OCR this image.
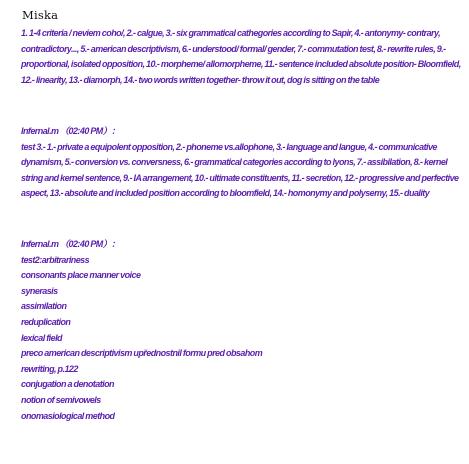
Miska

1. 1-4 criteria / neviem coho/, 2.- calgue, 3.- six grammatical cathegories according to Sapir, 4.- antonymy- contrary, contradictory..., 5.- american descriptivism, 6.- understood/ formal/ gender, 7.- commutation test, 8.- rewrite rules, 9.- proportional, isolated opposition, 10.- morpheme/ allomorpheme, 11.- sentence included absolute position- Bloomfield, 12.- linearity, 13.- diamorph, 14.- two words written together- throw it out, dog is sitting on the table

Infernal.m （02:40 PM）：

test 3.- 1.- private a equipolent opposition, 2.- phoneme vs.allophone, 3.- language and langue, 4.- communicative dynamism, 5.- conversion vs. conversness, 6.- grammatical categories according to lyons, 7.- assibilation, 8.- kernel string and kernel sentence, 9.- IA arrangement, 10.- ultimate constituents, 11.- secretion, 12.- progressive and perfective aspect, 13.- absolute and included position according to bloomfield, 14.- homonymy and polysemy, 15.- duality

Infernal.m （02:40 PM）：

test2:arbitrariness
consonants place manner voice
synerasis
assimilation
reduplication
lexical field
preco american descriptivism upřednostnil formu pred obsahom
rewriting, p.122
conjugation a denotation
notion of semivowels
onomasiological method
